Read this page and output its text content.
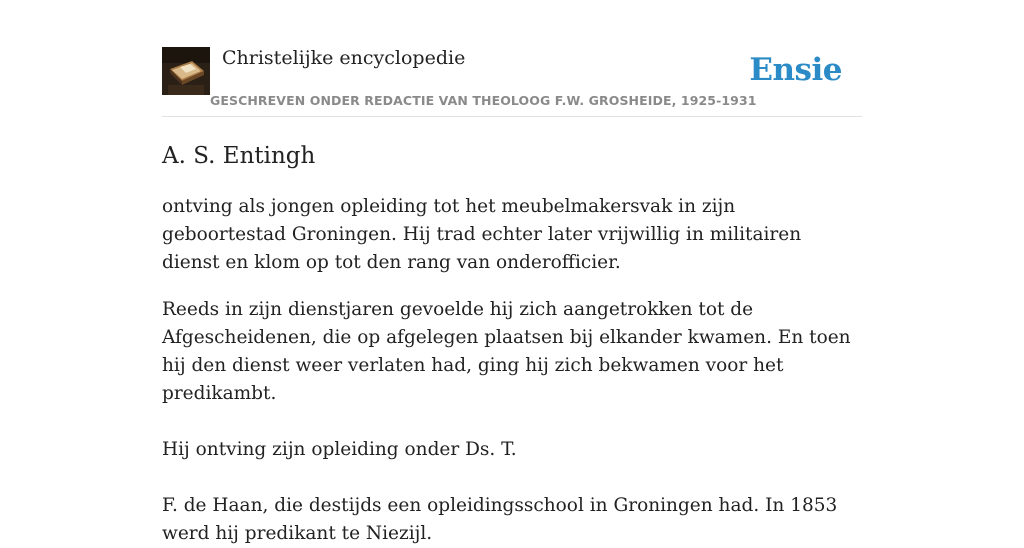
Christelijke encyclopedie
GESCHREVEN ONDER REDACTIE VAN THEOLOOG F.W. GROSHEIDE, 1925-1931
Ensie
A. S. Entingh

ontving als jongen opleiding tot het meubelmakersvak in zijn geboortestad Groningen. Hij trad echter later vrijwillig in militairen dienst en klom op tot den rang van onderofficier.

Reeds in zijn dienstjaren gevoelde hij zich aangetrokken tot de Afgescheidenen, die op afgelegen plaatsen bij elkander kwamen. En toen hij den dienst weer verlaten had, ging hij zich bekwamen voor het predikambt.

Hij ontving zijn opleiding onder Ds. T.

F. de Haan, die destijds een opleidingsschool in Groningen had. In 1853 werd hij predikant te Niezijl.
